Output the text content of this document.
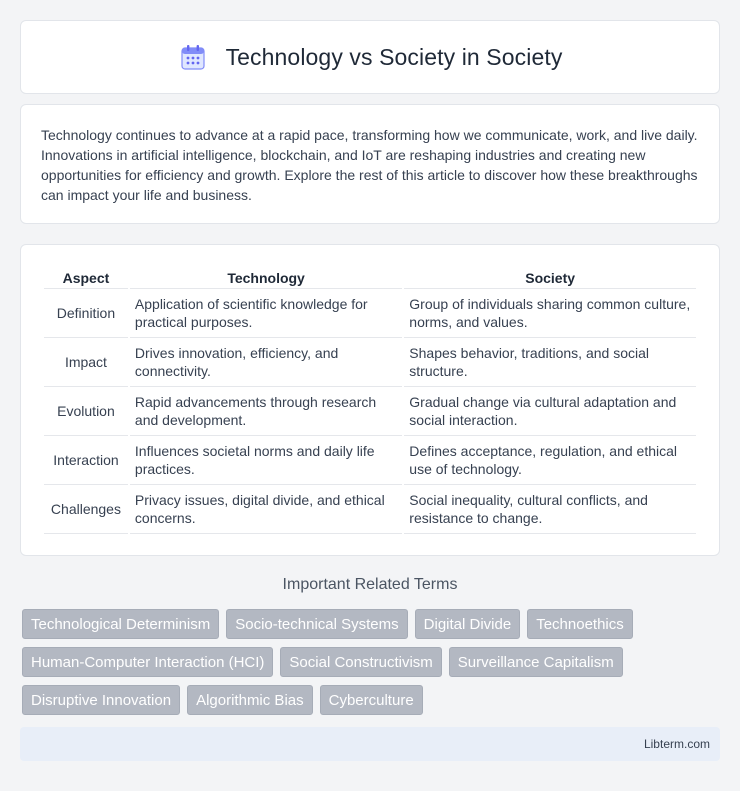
Technology vs Society in Society

Technology continues to advance at a rapid pace, transforming how we communicate, work, and live daily. Innovations in artificial intelligence, blockchain, and IoT are reshaping industries and creating new opportunities for efficiency and growth. Explore the rest of this article to discover how these breakthroughs can impact your life and business.

Aspect	Technology	Society
Definition	Application of scientific knowledge for practical purposes.	Group of individuals sharing common culture, norms, and values.
Impact	Drives innovation, efficiency, and connectivity.	Shapes behavior, traditions, and social structure.
Evolution	Rapid advancements through research and development.	Gradual change via cultural adaptation and social interaction.
Interaction	Influences societal norms and daily life practices.	Defines acceptance, regulation, and ethical use of technology.
Challenges	Privacy issues, digital divide, and ethical concerns.	Social inequality, cultural conflicts, and resistance to change.
Important Related Terms
Technological Determinism	Socio-technical Systems	Digital Divide	Technoethics
Human-Computer Interaction (HCI)	Social Constructivism	Surveillance Capitalism
Disruptive Innovation	Algorithmic Bias	Cyberculture
Libterm.com
